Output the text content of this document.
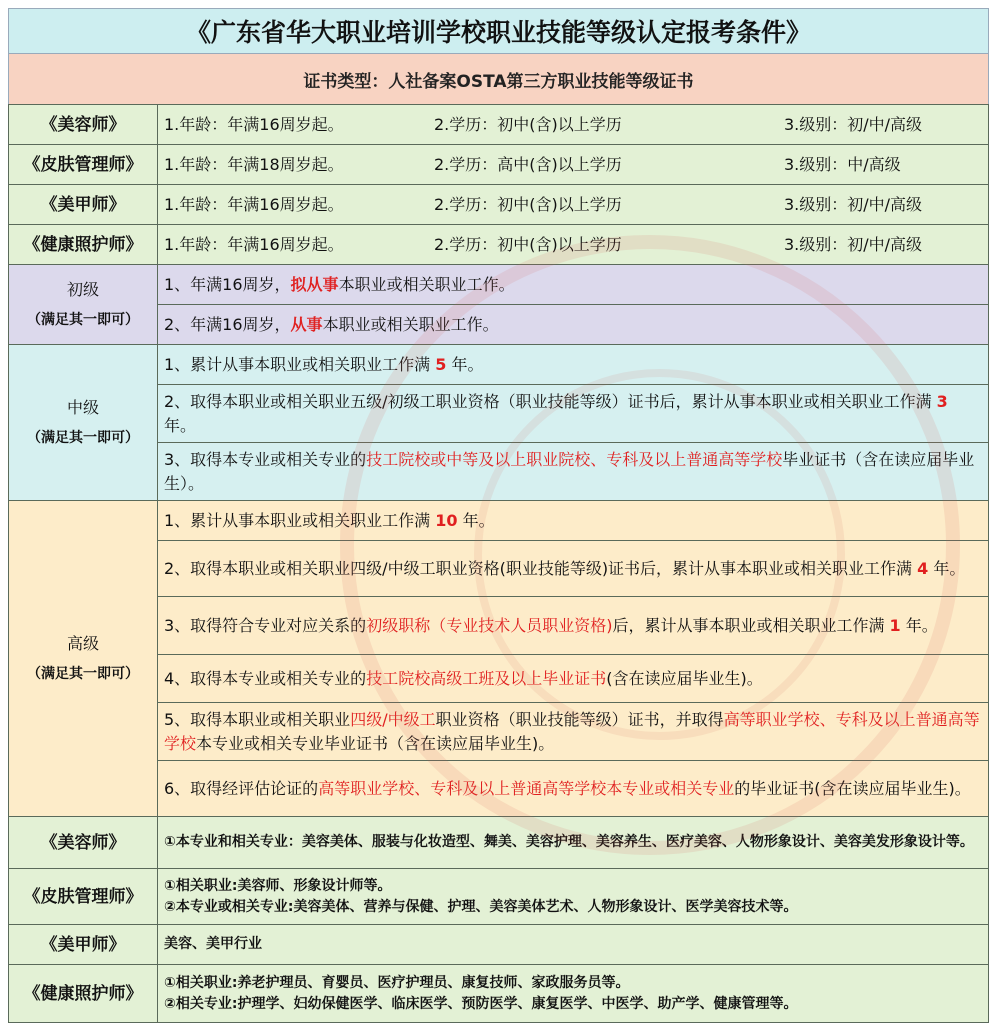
《广东省华大职业培训学校职业技能等级认定报考条件》
证书类型：人社备案OSTA第三方职业技能等级证书
《美容师》	1.年龄：年满16周岁起。 2.学历：初中(含)以上学历 3.级别：初/中/高级

《皮肤管理师》	1.年龄：年满18周岁起。 2.学历：高中(含)以上学历 3.级别：中/高级

《美甲师》	1.年龄：年满16周岁起。 2.学历：初中(含)以上学历 3.级别：初/中/高级

《健康照护师》	1.年龄：年满16周岁起。 2.学历：初中(含)以上学历 3.级别：初/中/高级

初级
（满足其一即可）	1、年满16周岁，拟从事本职业或相关职业工作。
	2、年满16周岁，从事本职业或相关职业工作。
中级
（满足其一即可）	1、累计从事本职业或相关职业工作满 5 年。
	2、取得本职业或相关职业五级/初级工职业资格（职业技能等级）证书后，累计从事本职业或相关职业工作满 3 年。
	3、取得本专业或相关专业的技工院校或中等及以上职业院校、专科及以上普通高等学校毕业证书（含在读应届毕业生）。
高级
（满足其一即可）	1、累计从事本职业或相关职业工作满 10 年。
	2、取得本职业或相关职业四级/中级工职业资格(职业技能等级)证书后，累计从事本职业或相关职业工作满 4 年。
	3、取得符合专业对应关系的初级职称（专业技术人员职业资格)后，累计从事本职业或相关职业工作满 1 年。
	4、取得本专业或相关专业的技工院校高级工班及以上毕业证书(含在读应届毕业生)。
	5、取得本职业或相关职业四级/中级工职业资格（职业技能等级）证书，并取得高等职业学校、专科及以上普通高等学校本专业或相关专业毕业证书（含在读应届毕业生)。
	6、取得经评估论证的高等职业学校、专科及以上普通高等学校本专业或相关专业的毕业证书(含在读应届毕业生)。
《美容师》	①本专业和相关专业：美容美体、服装与化妆造型、舞美、美容护理、美容养生、医疗美容、人物形象设计、美容美发形象设计等。
《皮肤管理师》	①相关职业:美容师、形象设计师等。
②本专业或相关专业:美容美体、营养与保健、护理、美容美体艺术、人物形象设计、医学美容技术等。

《美甲师》	美容、美甲行业
《健康照护师》	①相关职业:养老护理员、育婴员、医疗护理员、康复技师、家政服务员等。
②相关专业:护理学、妇幼保健医学、临床医学、预防医学、康复医学、中医学、助产学、健康管理等。
